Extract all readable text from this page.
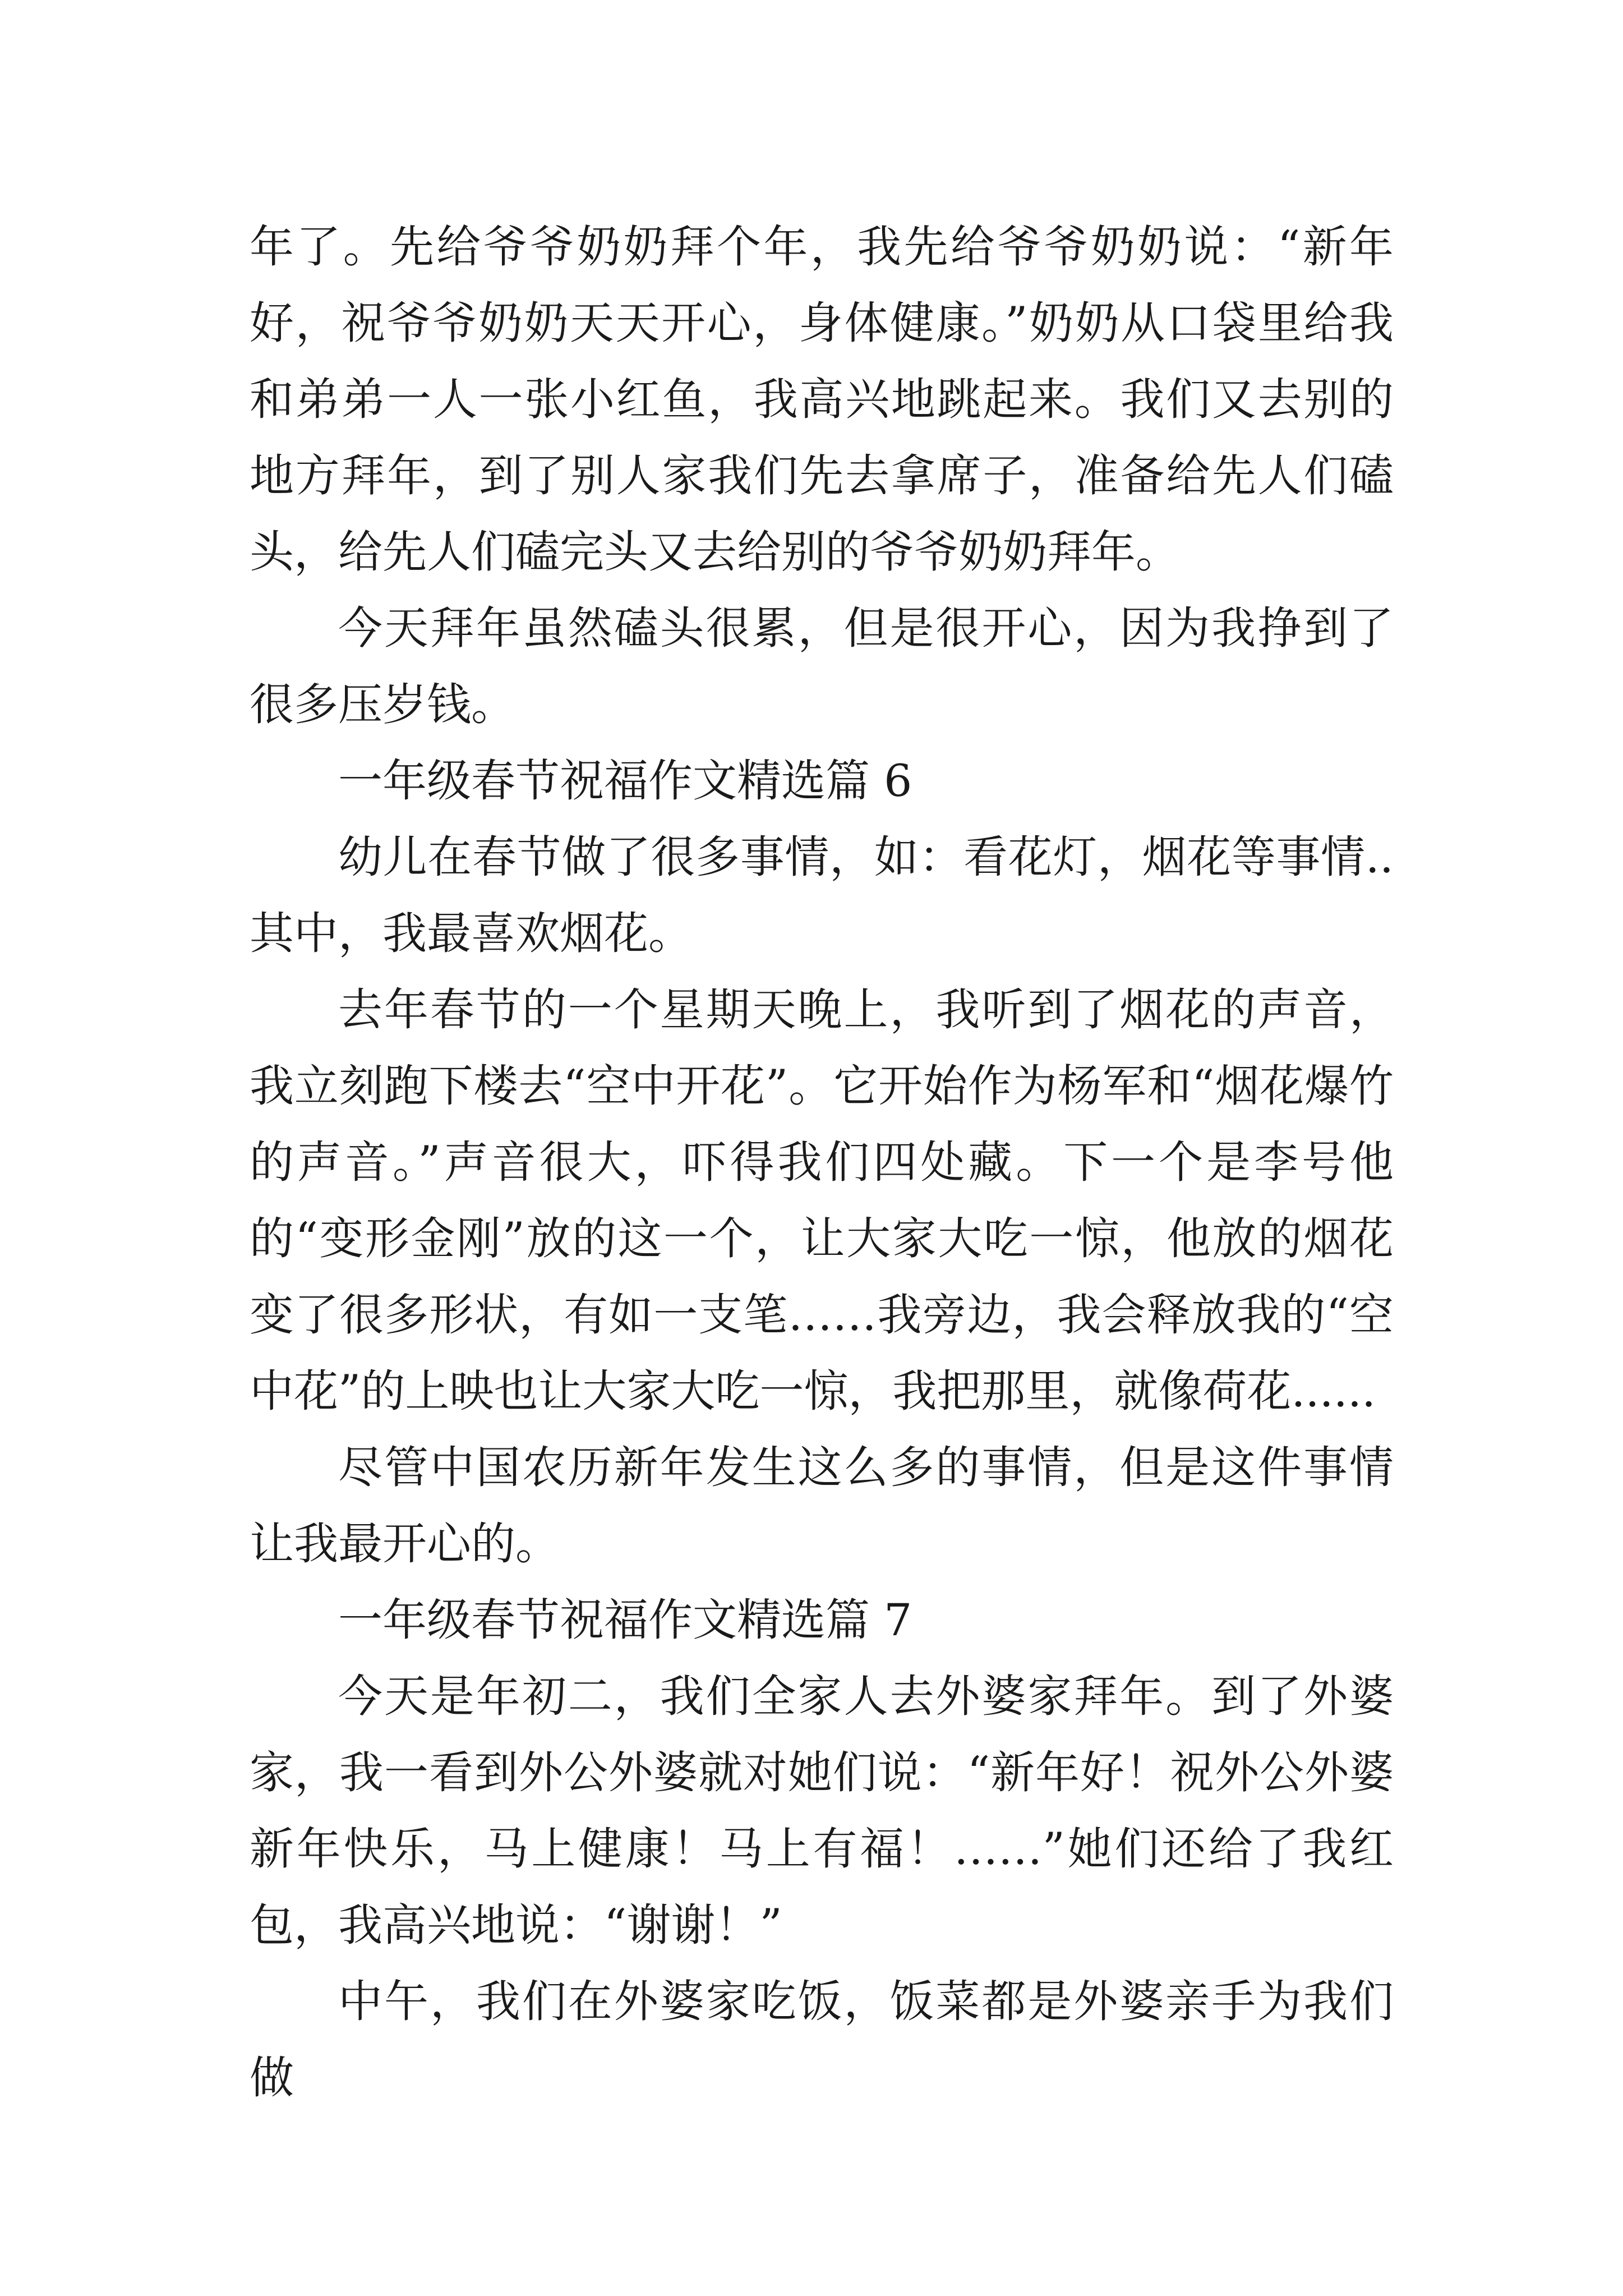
年了。先给爷爷奶奶拜个年，我先给爷爷奶奶说：“新年好，祝爷爷奶奶天天开心，身体健康。”奶奶从口袋里给我和弟弟一人一张小红鱼，我高兴地跳起来。我们又去别的地方拜年，到了别人家我们先去拿席子，准备给先人们磕头，给先人们磕完头又去给别的爷爷奶奶拜年。

今天拜年虽然磕头很累，但是很开心，因为我挣到了很多压岁钱。

一年级春节祝福作文精选篇 6

幼儿在春节做了很多事情，如：看花灯，烟花等事情..其中，我最喜欢烟花。

去年春节的一个星期天晚上，我听到了烟花的声音，我立刻跑下楼去“空中开花”。它开始作为杨军和“烟花爆竹的声音。”声音很大，吓得我们四处藏。下一个是李号他的“变形金刚”放的这一个，让大家大吃一惊，他放的烟花变了很多形状，有如一支笔……我旁边，我会释放我的“空中花”的上映也让大家大吃一惊，我把那里，就像荷花......

尽管中国农历新年发生这么多的事情，但是这件事情让我最开心的。

一年级春节祝福作文精选篇 7

今天是年初二，我们全家人去外婆家拜年。到了外婆家，我一看到外公外婆就对她们说：“新年好！祝外公外婆新年快乐，马上健康！马上有福！……”她们还给了我红包，我高兴地说：“谢谢！”

中午，我们在外婆家吃饭，饭菜都是外婆亲手为我们做
